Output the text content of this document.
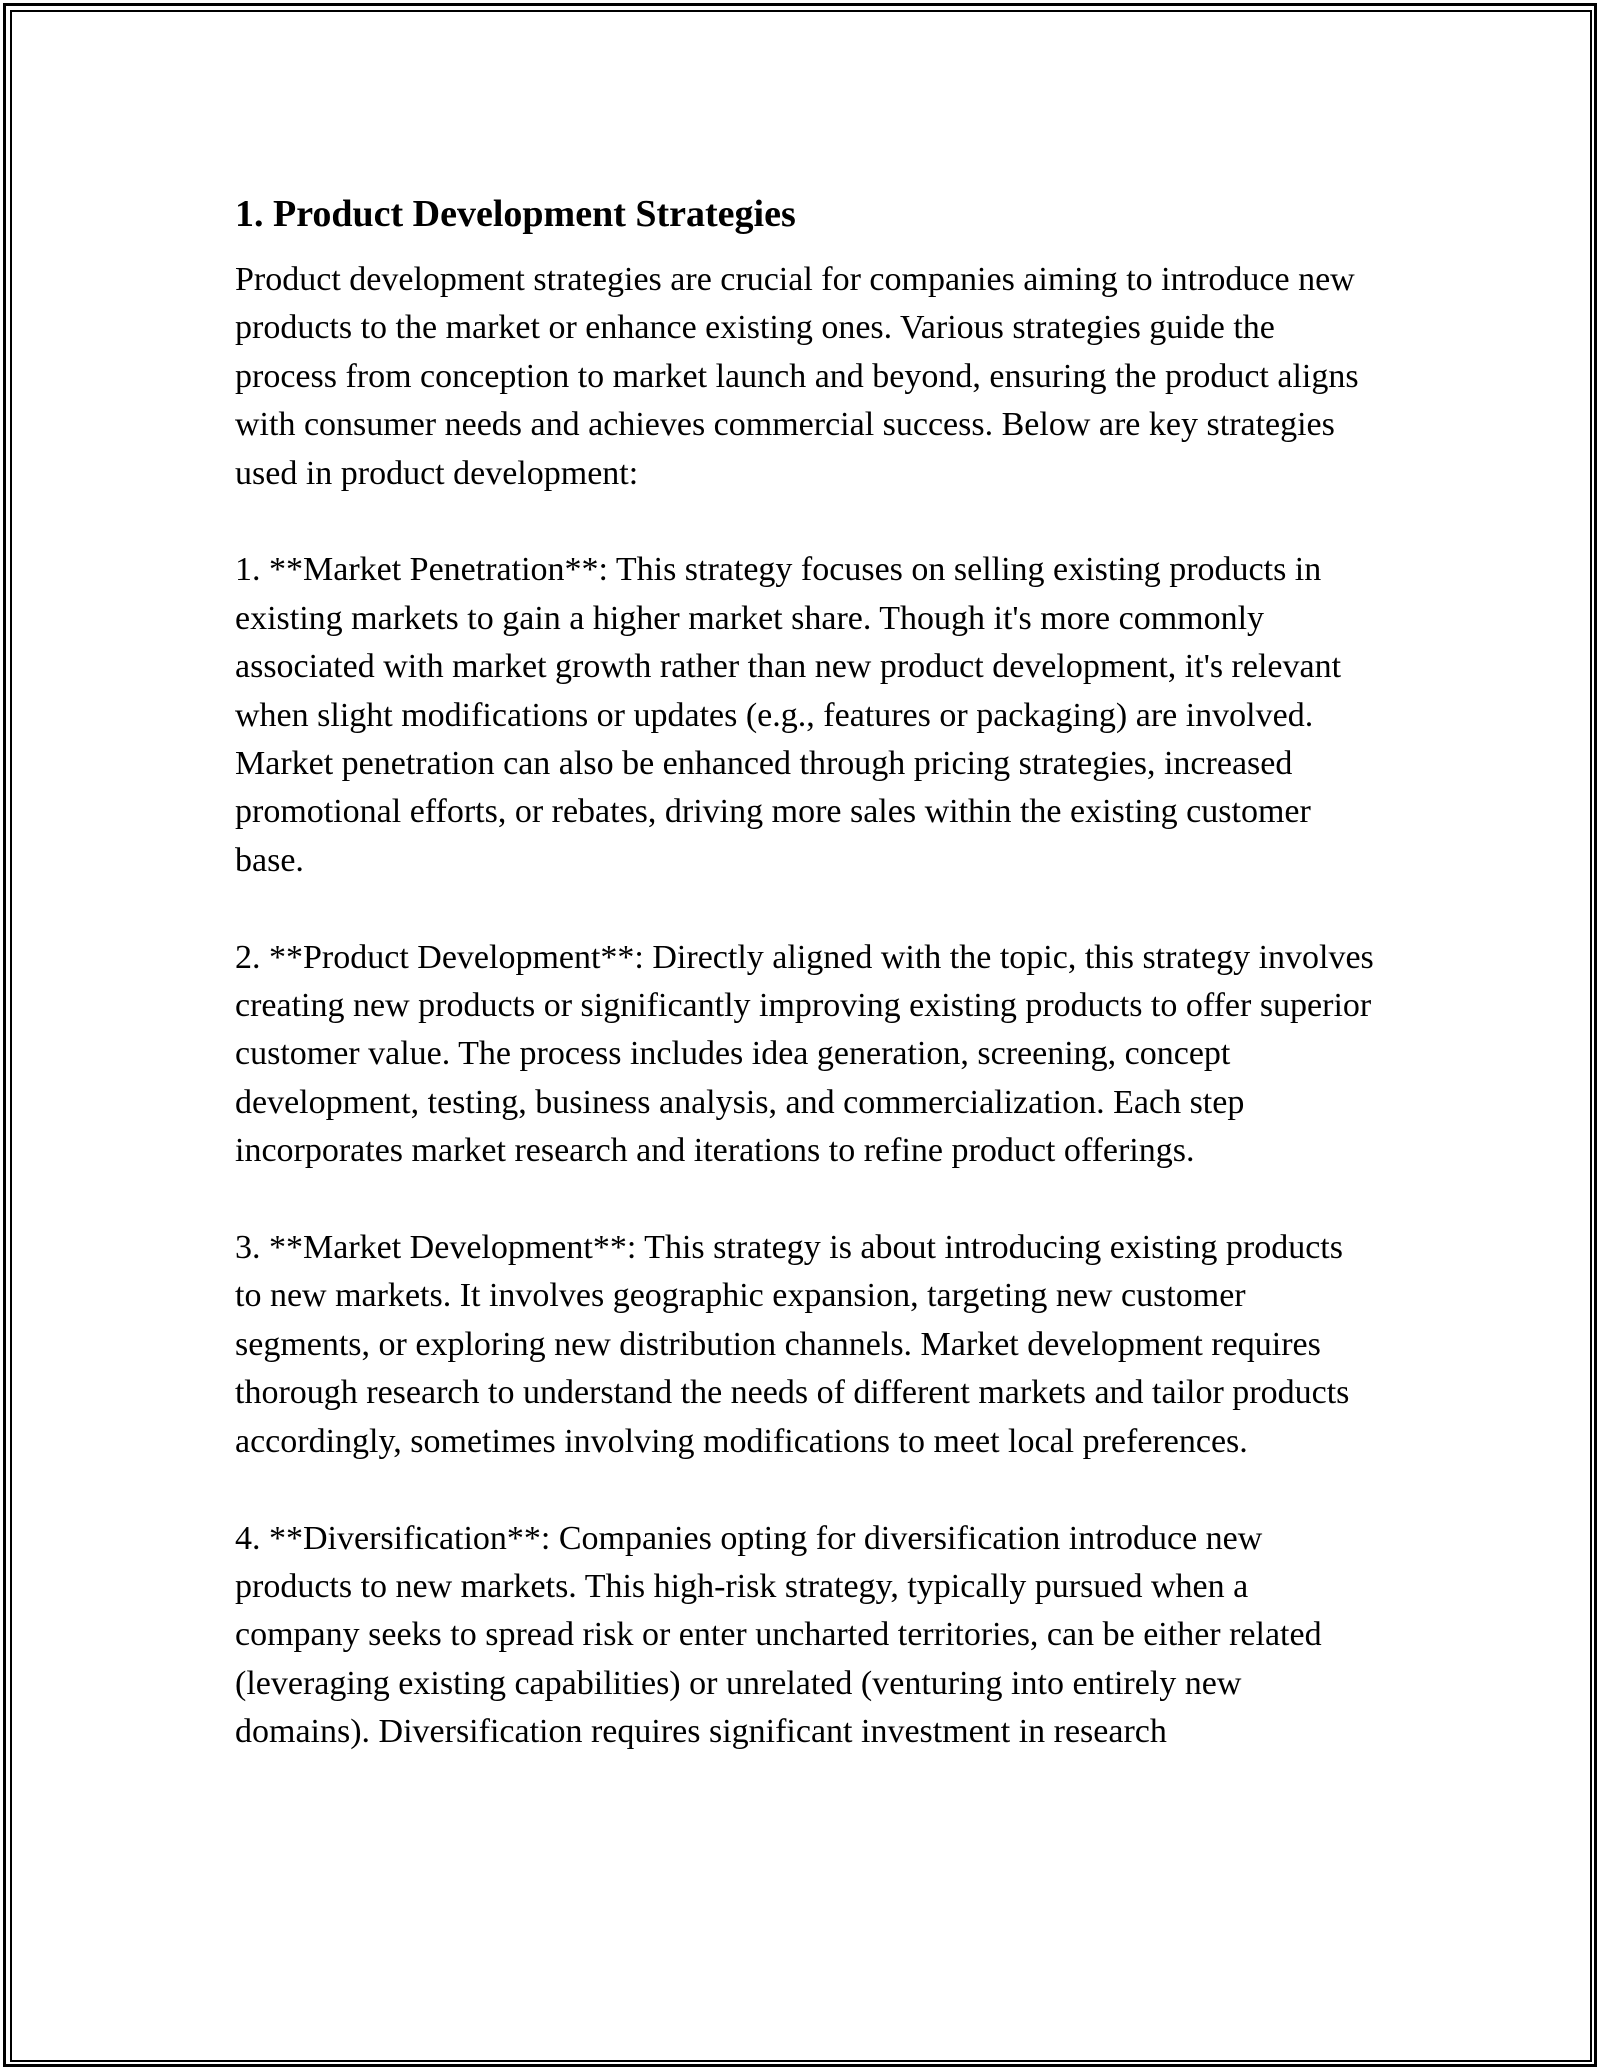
1. Product Development Strategies

Product development strategies are crucial for companies aiming to introduce new products to the market or enhance existing ones. Various strategies guide the process from conception to market launch and beyond, ensuring the product aligns with consumer needs and achieves commercial success. Below are key strategies used in product development:

1. **Market Penetration**: This strategy focuses on selling existing products in existing markets to gain a higher market share. Though it's more commonly associated with market growth rather than new product development, it's relevant when slight modifications or updates (e.g., features or packaging) are involved. Market penetration can also be enhanced through pricing strategies, increased promotional efforts, or rebates, driving more sales within the existing customer base.

2. **Product Development**: Directly aligned with the topic, this strategy involves creating new products or significantly improving existing products to offer superior customer value. The process includes idea generation, screening, concept development, testing, business analysis, and commercialization. Each step incorporates market research and iterations to refine product offerings.

3. **Market Development**: This strategy is about introducing existing products to new markets. It involves geographic expansion, targeting new customer segments, or exploring new distribution channels. Market development requires thorough research to understand the needs of different markets and tailor products accordingly, sometimes involving modifications to meet local preferences.

4. **Diversification**: Companies opting for diversification introduce new products to new markets. This high-risk strategy, typically pursued when a company seeks to spread risk or enter uncharted territories, can be either related (leveraging existing capabilities) or unrelated (venturing into entirely new domains). Diversification requires significant investment in research
